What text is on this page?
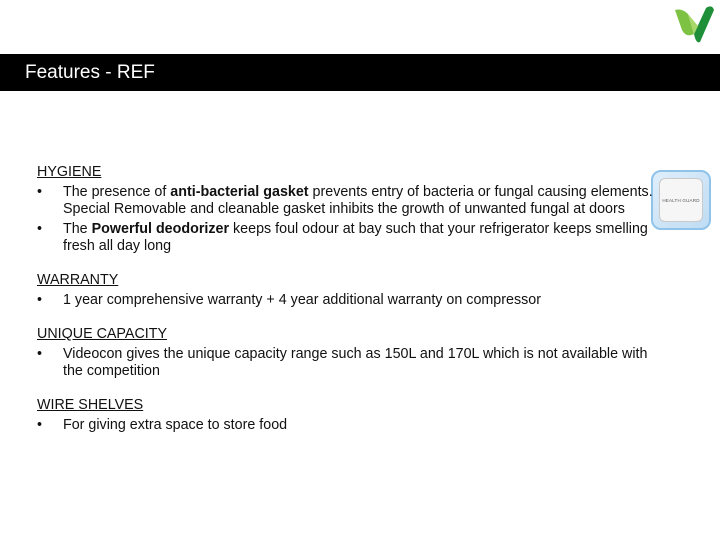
Features - REF
HEALTH GUARD
HYGIENE
•	The presence of anti-bacterial gasket prevents entry of bacteria or fungal causing elements. Special Removable and cleanable gasket inhibits the growth of unwanted fungal at doors
•	The Powerful deodorizer keeps foul odour at bay such that your refrigerator keeps smelling fresh all day long
WARRANTY
•	1 year comprehensive warranty + 4 year additional warranty on compressor
UNIQUE CAPACITY
•	Videocon gives the unique capacity range such as 150L and 170L which is not available with the competition
WIRE SHELVES
•	For giving extra space to store food
